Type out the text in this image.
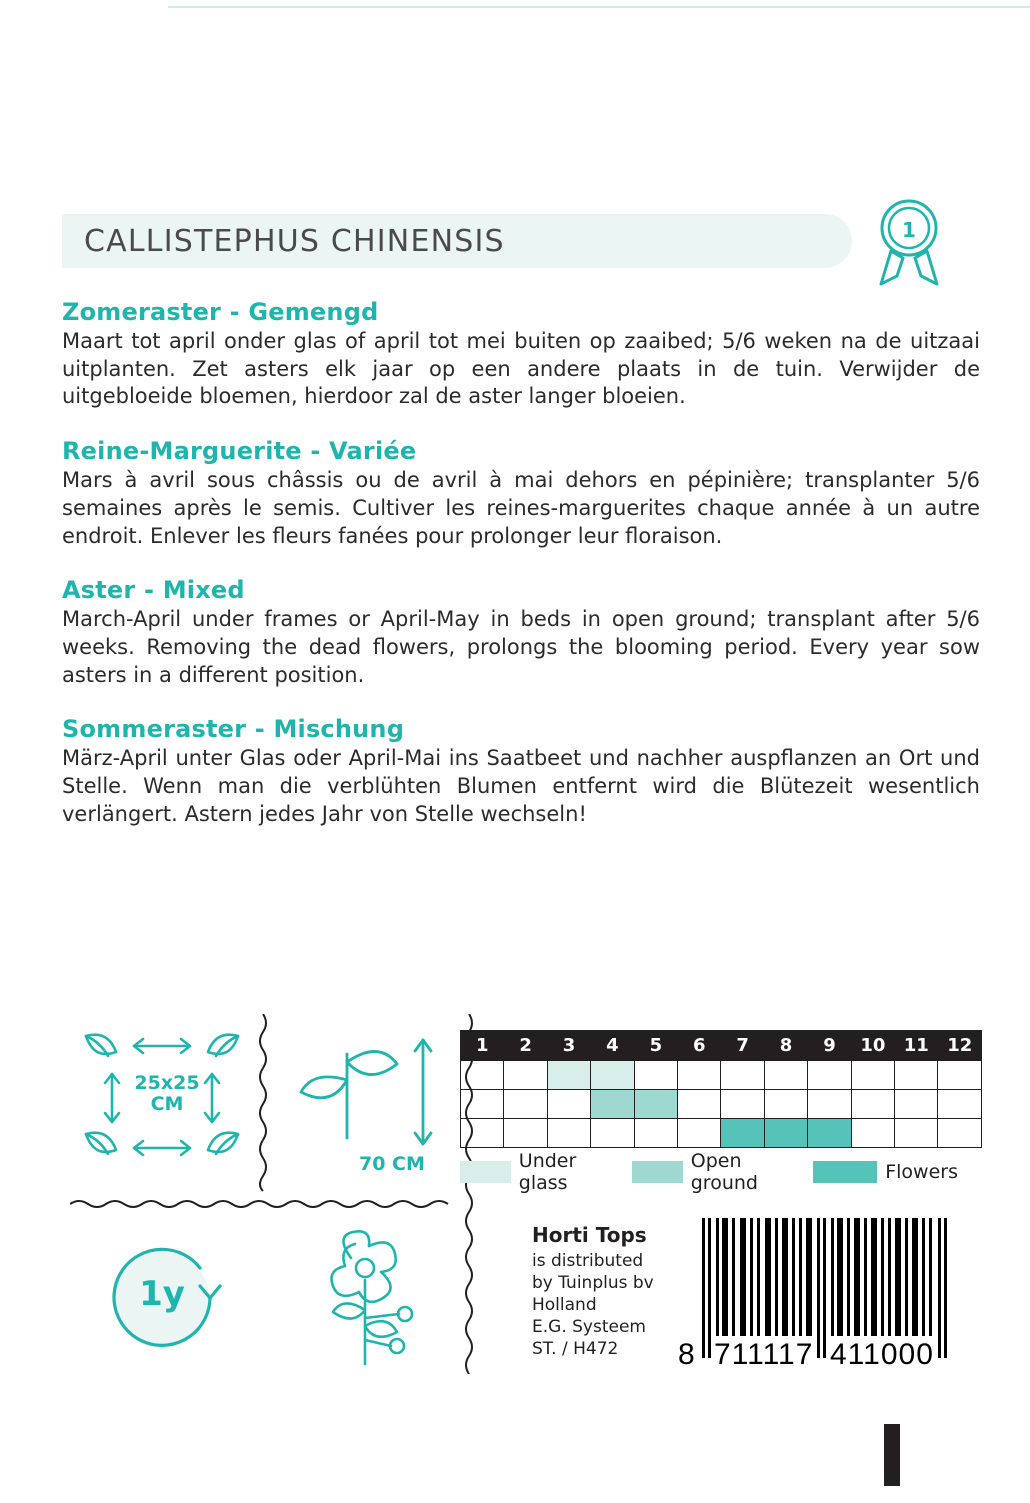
CALLISTEPHUS CHINENSIS	1
Zomeraster - Gemengd

Maart tot april onder glas of april tot mei buiten op zaaibed; 5/6 weken na de uitzaai uitplanten. Zet asters elk jaar op een andere plaats in de tuin. Verwijder de uitgebloeide bloemen, hierdoor zal de aster langer bloeien.

Reine-Marguerite - Variée

Mars à avril sous châssis ou de avril à mai dehors en pépinière; transplanter 5/6 semaines après le semis. Cultiver les reines-marguerites chaque année à un autre endroit. Enlever les fleurs fanées pour prolonger leur floraison.

Aster - Mixed

March-April under frames or April-May in beds in open ground; transplant after 5/6 weeks. Removing the dead flowers, prolongs the blooming period. Every year sow asters in a different position.

Sommeraster - Mischung

März-April unter Glas oder April-Mai ins Saatbeet und nachher auspflanzen an Ort und Stelle. Wenn man die verblühten Blumen entfernt wird die Blütezeit wesentlich verlängert. Astern jedes Jahr von Stelle wechseln!

25x25
CM
70 CM
1y
1	2	3	4	5	6	7	8	9	10	11	12

Under glass
Open ground	Flowers
Horti Tops
is distributed
by Tuinplus bv
Holland
E.G. Systeem
ST. / H472	8 711117 411000
